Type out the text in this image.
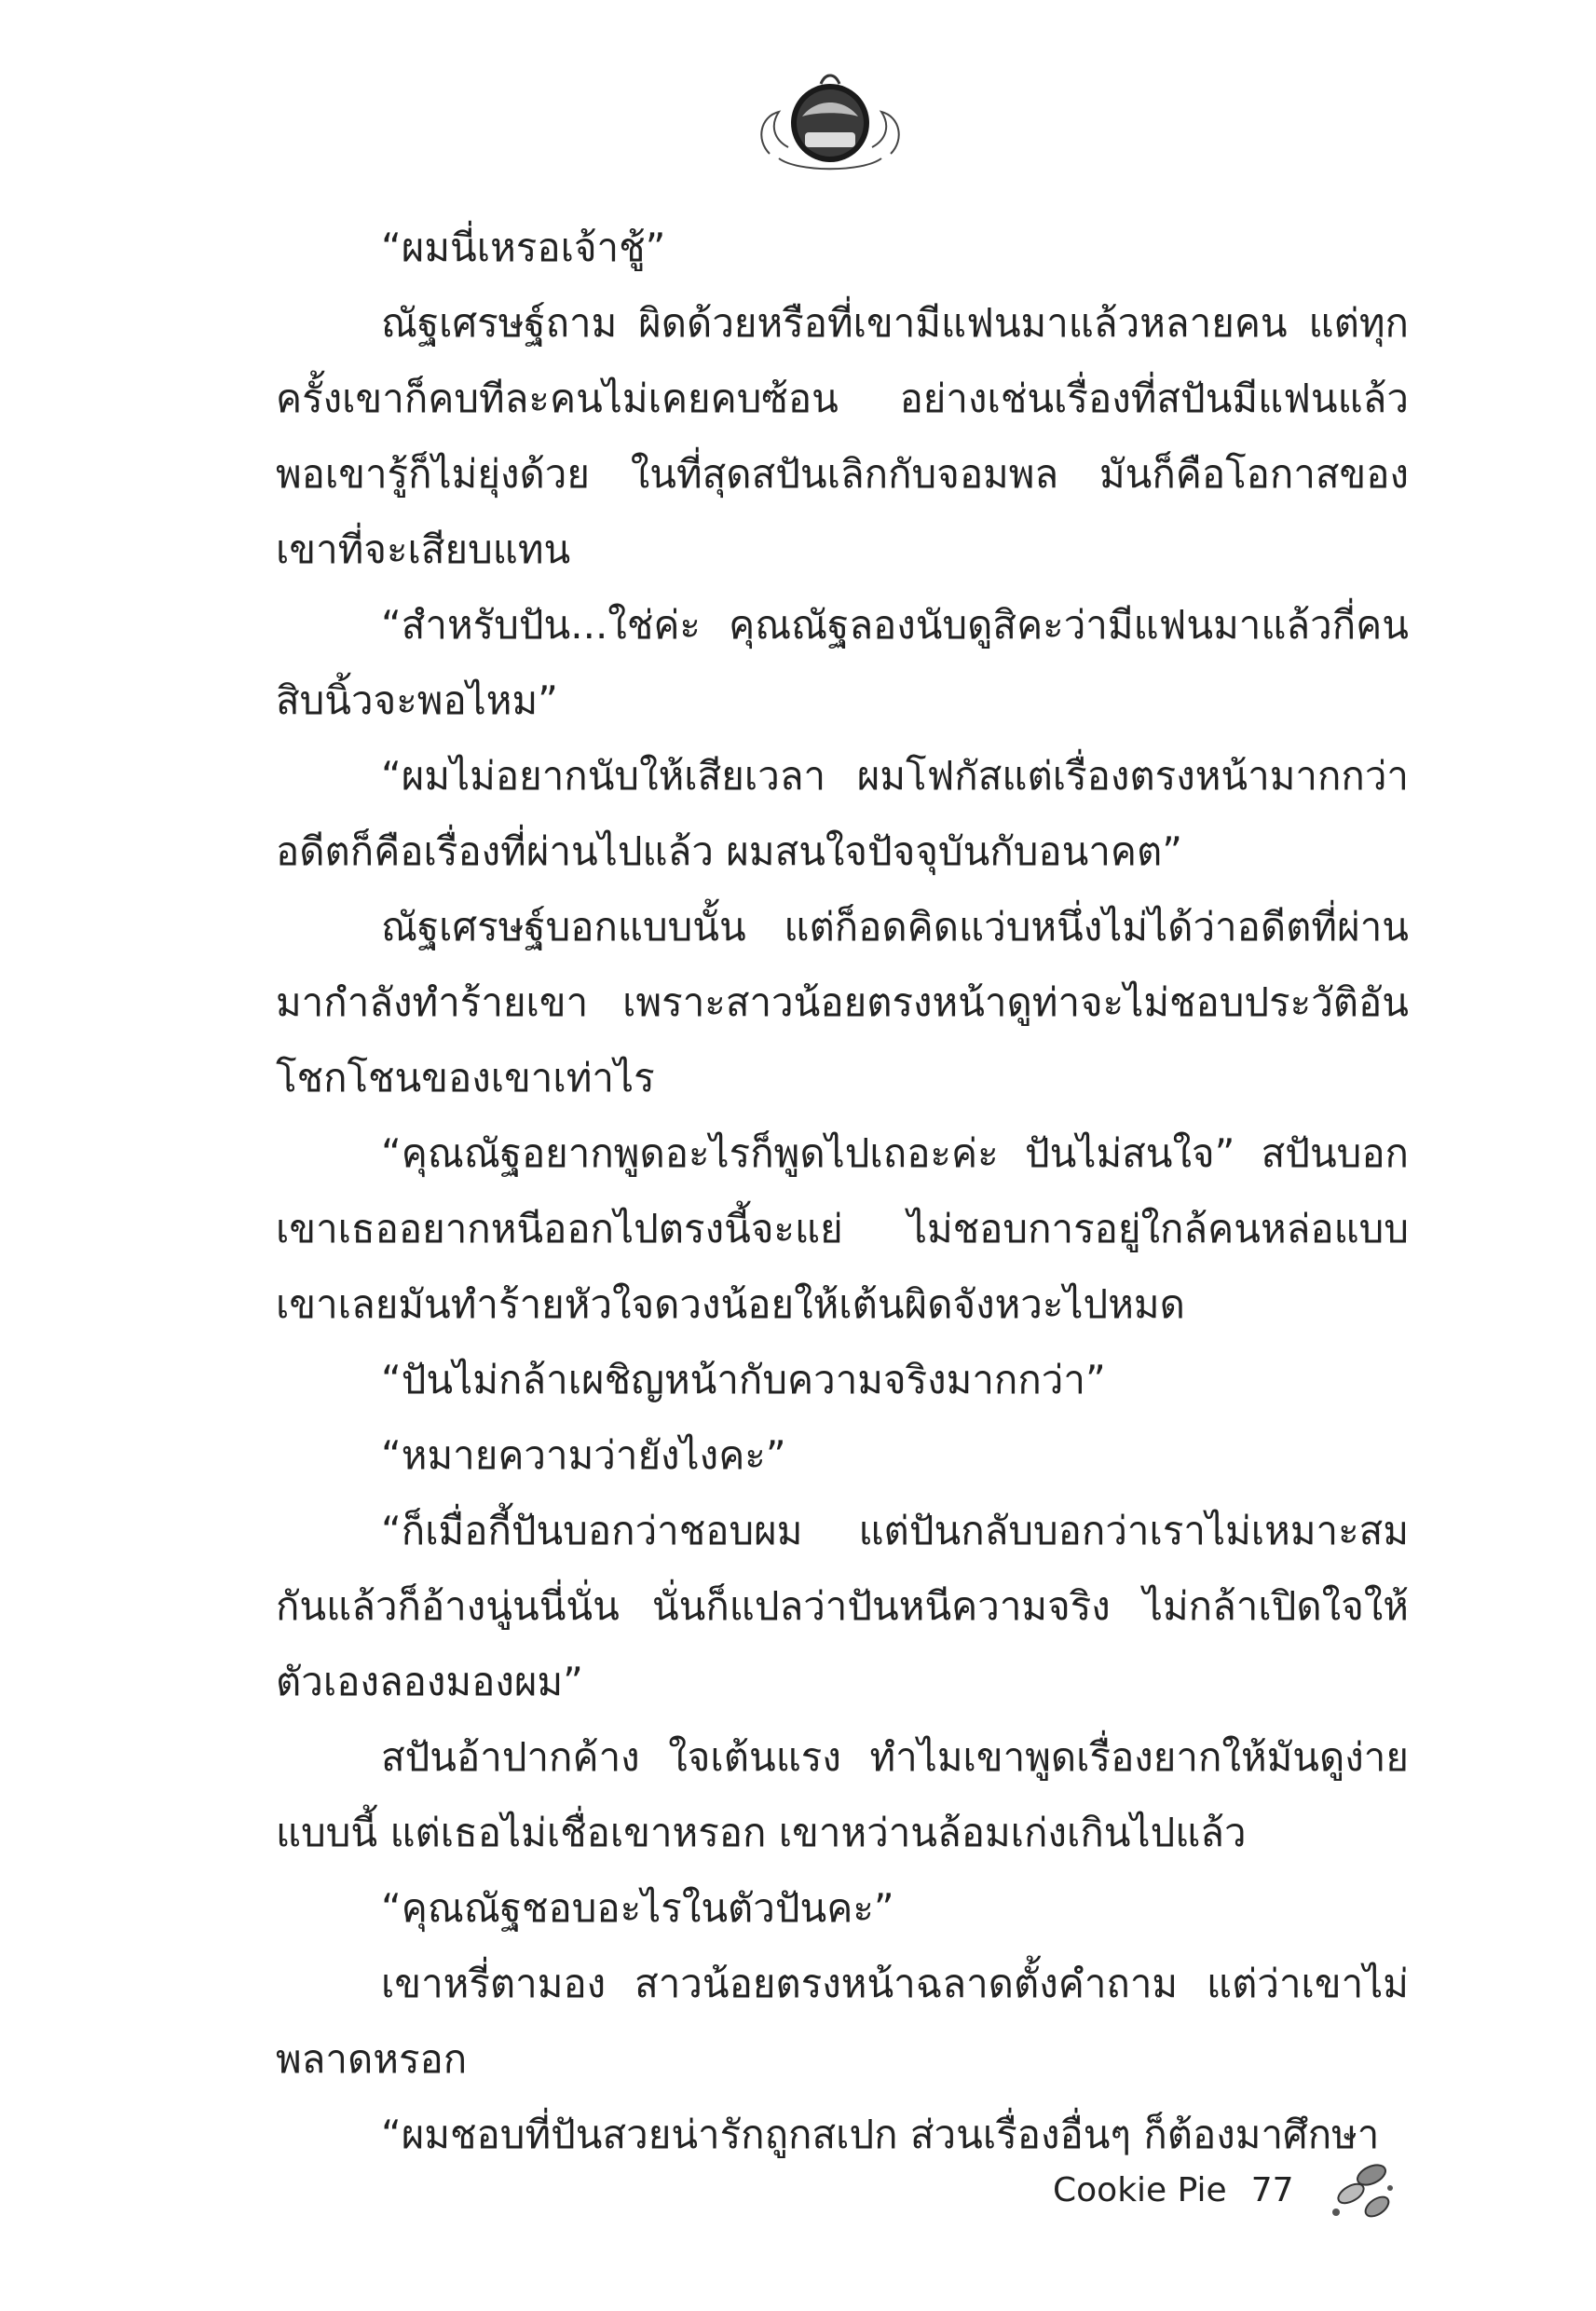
“ผมนี่เหรอเจ้าชู้”

ณัฐเศรษฐ์ถาม ผิดด้วยหรือที่เขามีแฟนมาแล้วหลายคน แต่ทุกครั้งเขาก็คบทีละคนไม่เคยคบซ้อน อย่างเช่นเรื่องที่สปันมีแฟนแล้วพอเขารู้ก็ไม่ยุ่งด้วย ในที่สุดสปันเลิกกับจอมพล มันก็คือโอกาสของเขาที่จะเสียบแทน

“สำหรับปัน...ใช่ค่ะ คุณณัฐลองนับดูสิคะว่ามีแฟนมาแล้วกี่คนสิบนิ้วจะพอไหม”

“ผมไม่อยากนับให้เสียเวลา ผมโฟกัสแต่เรื่องตรงหน้ามากกว่าอดีตก็คือเรื่องที่ผ่านไปแล้ว ผมสนใจปัจจุบันกับอนาคต”

ณัฐเศรษฐ์บอกแบบนั้น แต่ก็อดคิดแว่บหนึ่งไม่ได้ว่าอดีตที่ผ่านมากำลังทำร้ายเขา เพราะสาวน้อยตรงหน้าดูท่าจะไม่ชอบประวัติอันโชกโชนของเขาเท่าไร

“คุณณัฐอยากพูดอะไรก็พูดไปเถอะค่ะ ปันไม่สนใจ” สปันบอกเขาเธออยากหนีออกไปตรงนี้จะแย่ ไม่ชอบการอยู่ใกล้คนหล่อแบบเขาเลยมันทำร้ายหัวใจดวงน้อยให้เต้นผิดจังหวะไปหมด

“ปันไม่กล้าเผชิญหน้ากับความจริงมากกว่า”

“หมายความว่ายังไงคะ”

“ก็เมื่อกี้ปันบอกว่าชอบผม แต่ปันกลับบอกว่าเราไม่เหมาะสมกันแล้วก็อ้างนู่นนี่นั่น นั่นก็แปลว่าปันหนีความจริง ไม่กล้าเปิดใจให้ตัวเองลองมองผม”

สปันอ้าปากค้าง ใจเต้นแรง ทำไมเขาพูดเรื่องยากให้มันดูง่ายแบบนี้ แต่เธอไม่เชื่อเขาหรอก เขาหว่านล้อมเก่งเกินไปแล้ว

“คุณณัฐชอบอะไรในตัวปันคะ”

เขาหรี่ตามอง สาวน้อยตรงหน้าฉลาดตั้งคำถาม แต่ว่าเขาไม่พลาดหรอก

“ผมชอบที่ปันสวยน่ารักถูกสเปก ส่วนเรื่องอื่นๆ ก็ต้องมาศึกษา

Cookie Pie 77
